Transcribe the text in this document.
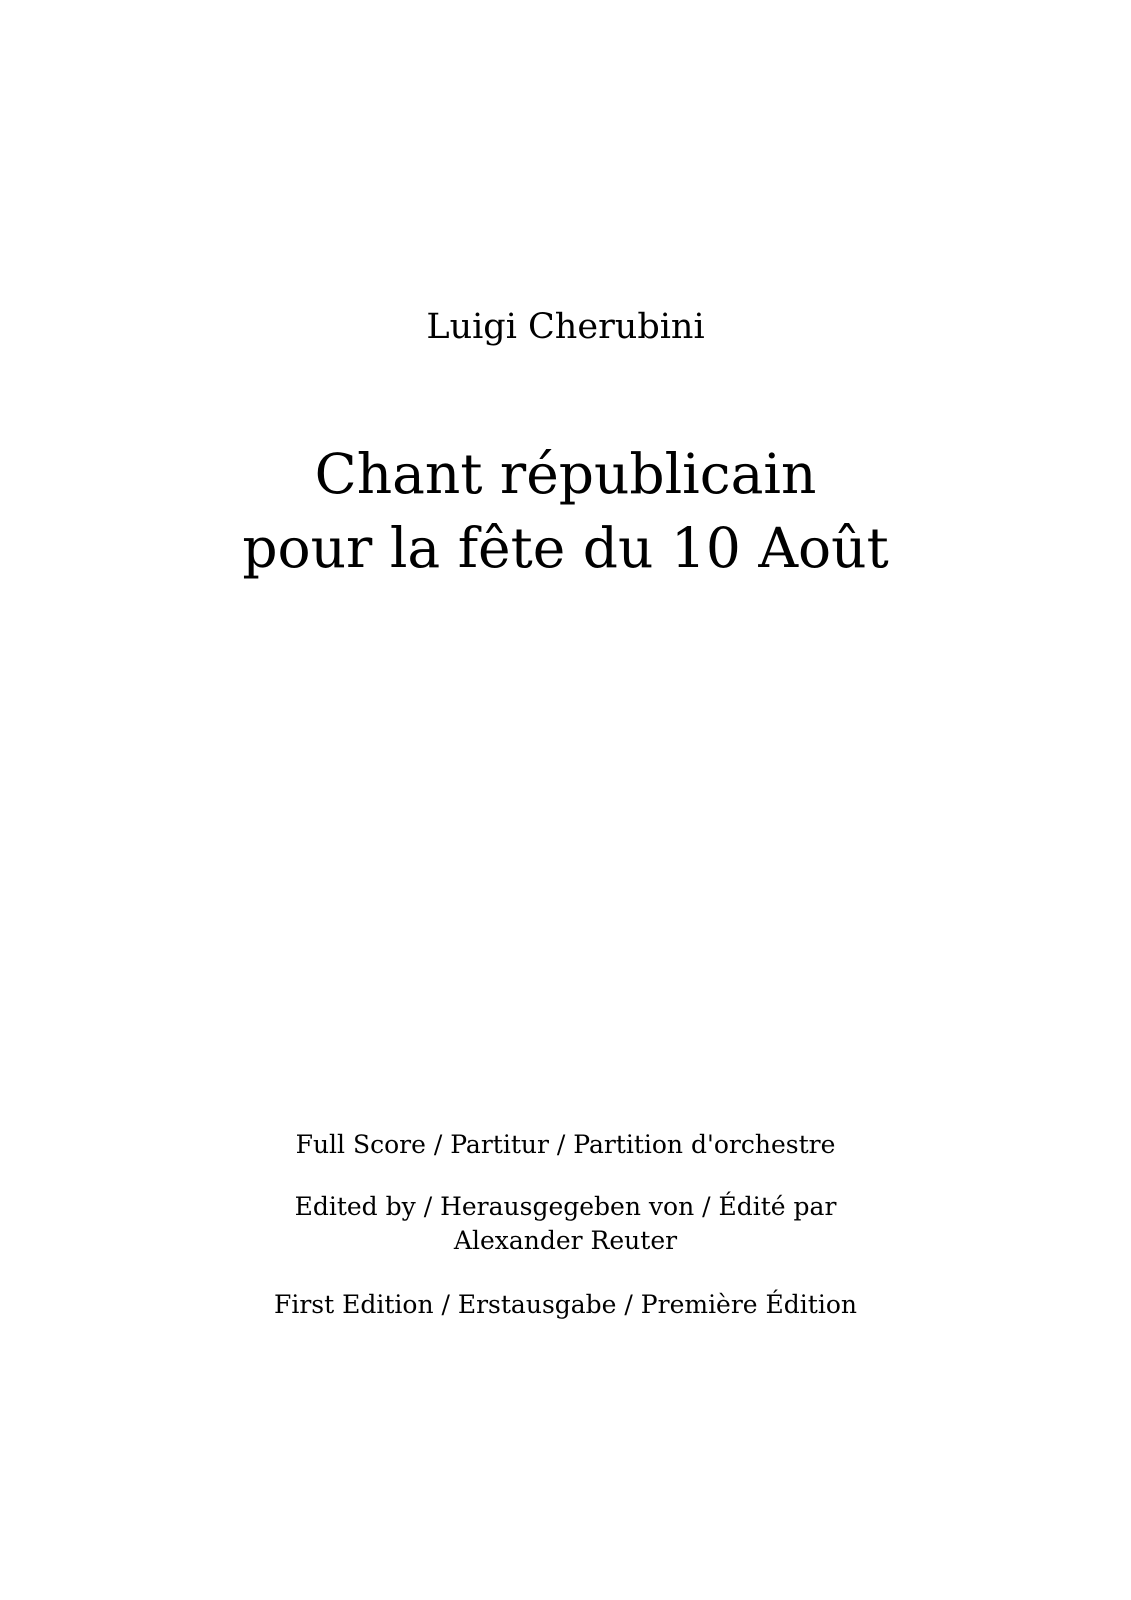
Luigi Cherubini

Chant républicain
pour la fête du 10 Août

Full Score / Partitur / Partition d'orchestre

Edited by / Herausgegeben von / Édité par
Alexander Reuter

First Edition / Erstausgabe / Première Édition
